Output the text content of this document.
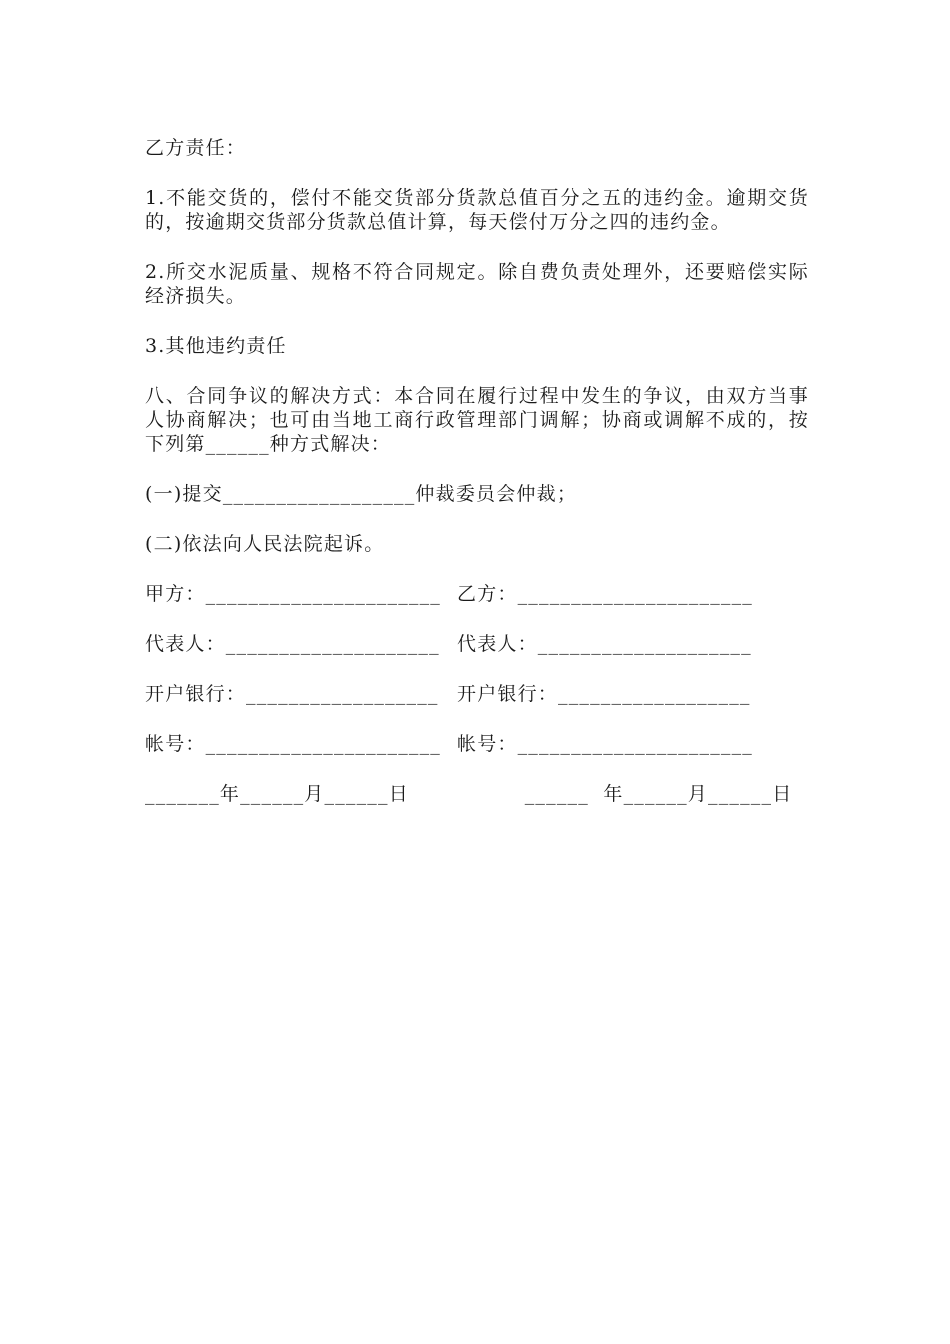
乙方责任：

1.不能交货的，偿付不能交货部分货款总值百分之五的违约金。逾期交货的，按逾期交货部分货款总值计算，每天偿付万分之四的违约金。

2.所交水泥质量、规格不符合同规定。除自费负责处理外，还要赔偿实际经济损失。

3.其他违约责任

八、合同争议的解决方式：本合同在履行过程中发生的争议，由双方当事人协商解决；也可由当地工商行政管理部门调解；协商或调解不成的，按下列第______种方式解决：

(一)提交__________________仲裁委员会仲裁；

(二)依法向人民法院起诉。

甲方：______________________

乙方：______________________

代表人：____________________

代表人：____________________

开户银行：__________________

开户银行：__________________

帐号：______________________

帐号：______________________

_______年______月______日                ______  年______月______日
